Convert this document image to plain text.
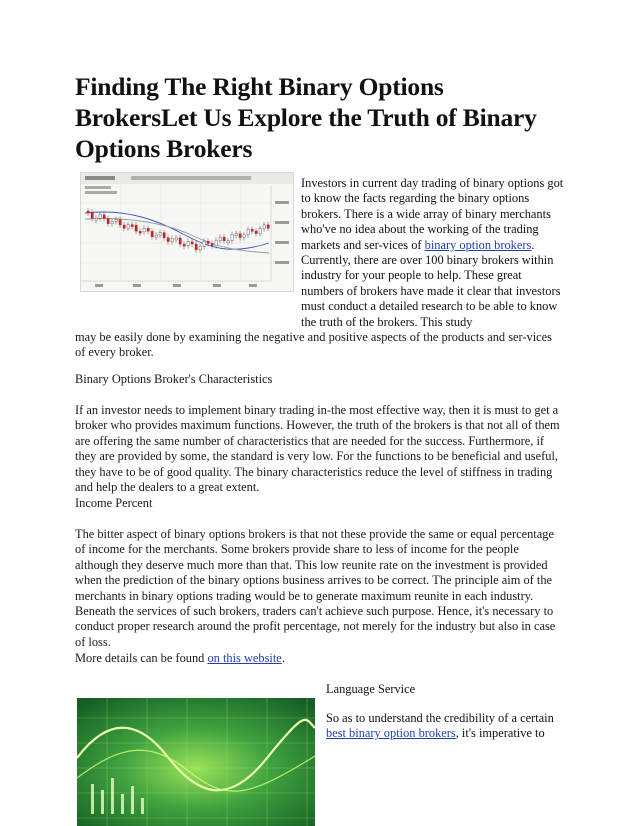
Finding The Right Binary Options BrokersLet Us Explore the Truth of Binary Options Brokers
Investors in current day trading of binary options got to know the facts regarding the binary options brokers. There is a wide array of binary merchants who've no idea about the working of the trading markets and ser-vices of binary option brokers. Currently, there are over 100 binary brokers within industry for your people to help. These great numbers of brokers have made it clear that investors must conduct a detailed research to be able to know the truth of the brokers. This study

may be easily done by examining the negative and positive aspects of the products and ser-vices of every broker.

Binary Options Broker's Characteristics

If an investor needs to implement binary trading in-the most effective way, then it is must to get a broker who provides maximum functions. However, the truth of the brokers is that not all of them are offering the same number of characteristics that are needed for the success. Furthermore, if they are provided by some, the standard is very low. For the functions to be beneficial and useful, they have to be of good quality. The binary characteristics reduce the level of stiffness in trading and help the dealers to a great extent.

Income Percent

The bitter aspect of binary options brokers is that not these provide the same or equal percentage of income for the merchants. Some brokers provide share to less of income for the people although they deserve much more than that. This low reunite rate on the investment is provided when the prediction of the binary options business arrives to be correct. The principle aim of the merchants in binary options trading would be to generate maximum reunite in each industry. Beneath the services of such brokers, traders can't achieve such purpose. Hence, it's necessary to conduct proper research around the profit percentage, not merely for the industry but also in case of loss.

More details can be found on this website.

Language Service
So as to understand the credibility of a certain best binary option brokers, it's imperative to
